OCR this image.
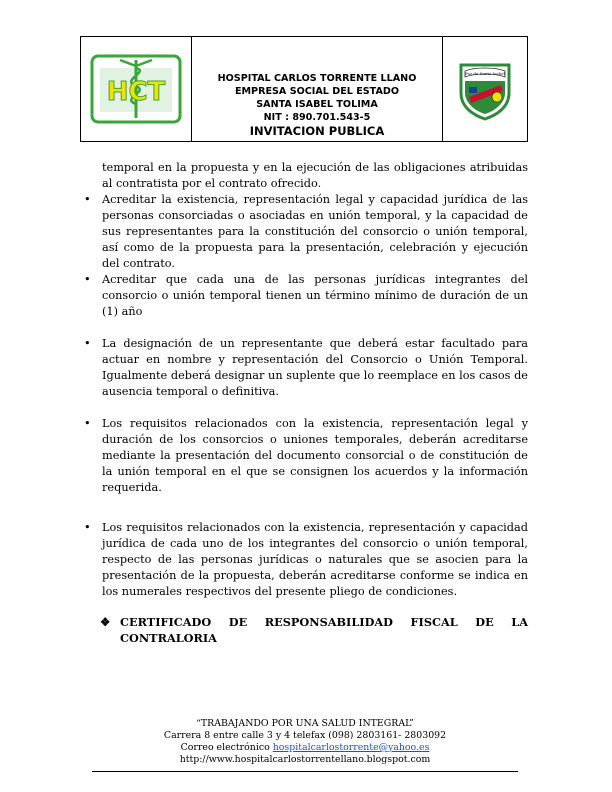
HCT	HOSPITAL CARLOS TORRENTE LLANO
EMPRESA SOCIAL DEL ESTADO
SANTA ISABEL TOLIMA
NIT : 890.701.543-5
INVITACION PUBLICA
Paz de Santa Isabel
temporal en la propuesta y en la ejecución de las obligaciones atribuidas al contratista por el contrato ofrecido.
• Acreditar la existencia, representación legal y capacidad jurídica de las personas consorciadas o asociadas en unión temporal, y la capacidad de sus representantes para la constitución del consorcio o unión temporal, así como de la propuesta para la presentación, celebración y ejecución del contrato.
• Acreditar que cada una de las personas jurídicas integrantes del consorcio o unión temporal tienen un término mínimo de duración de un (1) año
• La designación de un representante que deberá estar facultado para actuar en nombre y representación del Consorcio o Unión Temporal. Igualmente deberá designar un suplente que lo reemplace en los casos de ausencia temporal o definitiva.
• Los requisitos relacionados con la existencia, representación legal y duración de los consorcios o uniones temporales, deberán acreditarse mediante la presentación del documento consorcial o de constitución de la unión temporal en el que se consignen los acuerdos y la información requerida.
• Los requisitos relacionados con la existencia, representación y capacidad jurídica de cada uno de los integrantes del consorcio o unión temporal, respecto de las personas jurídicas o naturales que se asocien para la presentación de la propuesta, deberán acreditarse conforme se indica en los numerales respectivos del presente pliego de condiciones.
❖ CERTIFICADO DE RESPONSABILIDAD FISCAL DE LA
CONTRALORIA
“TRABAJANDO POR UNA SALUD INTEGRAL”
Carrera 8 entre calle 3 y 4 telefax (098) 2803161- 2803092
Correo electrónico hospitalcarlostorrente@yahoo.es
http://www.hospitalcarlostorrentellano.blogspot.com
